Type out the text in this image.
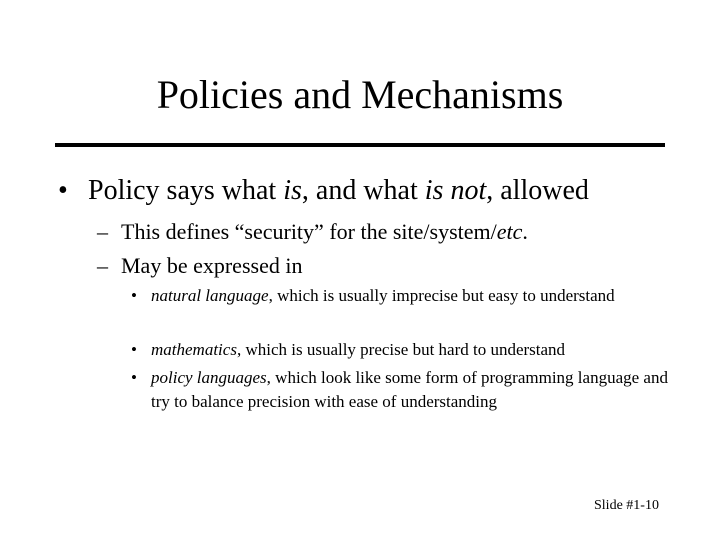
Policies and Mechanisms
• Policy says what is, and what is not, allowed
– This defines “security” for the site/system/etc.
– May be expressed in
• natural language, which is usually imprecise but easy to understand
• mathematics, which is usually precise but hard to understand
• policy languages, which look like some form of programming language and try to balance precision with ease of understanding
Slide #1-10
